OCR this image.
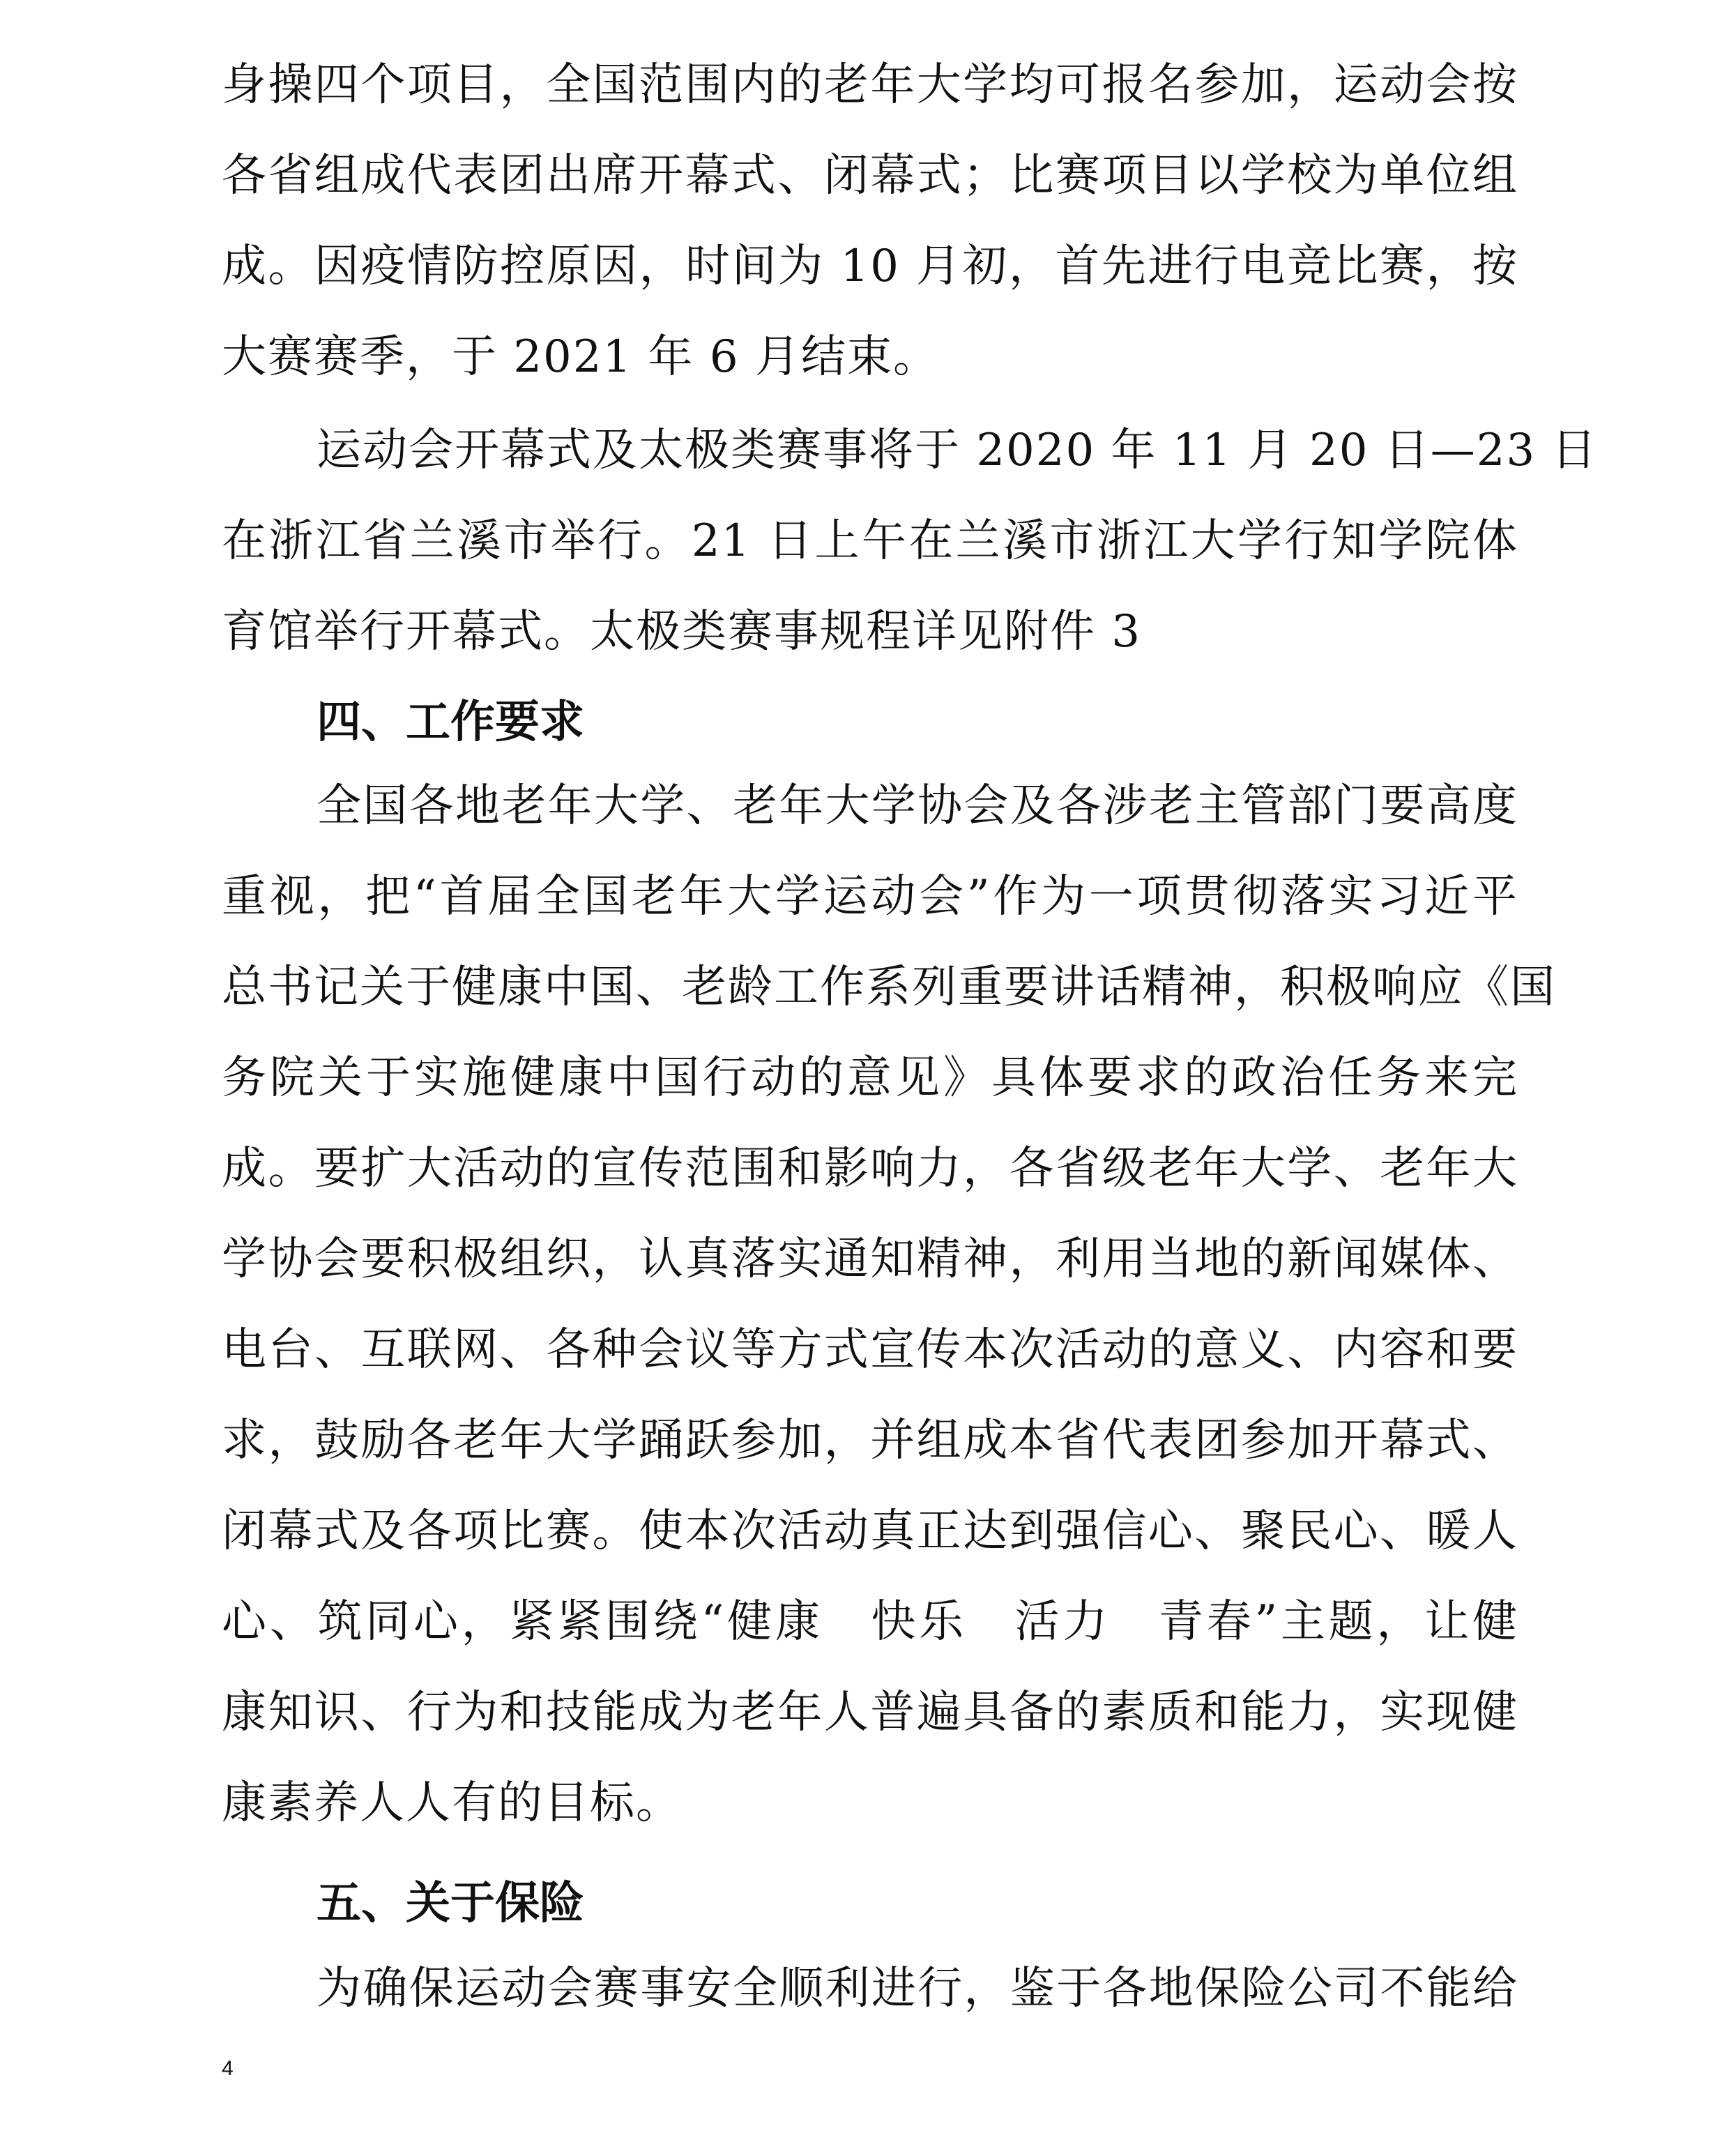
身操四个项目，全国范围内的老年大学均可报名参加，运动会按
各省组成代表团出席开幕式、闭幕式；比赛项目以学校为单位组
成。因疫情防控原因，时间为 10 月初，首先进行电竞比赛，按
大赛赛季，于 2021 年 6 月结束。
运动会开幕式及太极类赛事将于 2020 年 11 月 20 日—23 日
在浙江省兰溪市举行。21 日上午在兰溪市浙江大学行知学院体
育馆举行开幕式。太极类赛事规程详见附件 3
四、工作要求
全国各地老年大学、老年大学协会及各涉老主管部门要高度
重视，把“首届全国老年大学运动会”作为一项贯彻落实习近平
总书记关于健康中国、老龄工作系列重要讲话精神，积极响应《国
务院关于实施健康中国行动的意见》具体要求的政治任务来完
成。要扩大活动的宣传范围和影响力，各省级老年大学、老年大
学协会要积极组织，认真落实通知精神，利用当地的新闻媒体、
电台、互联网、各种会议等方式宣传本次活动的意义、内容和要
求，鼓励各老年大学踊跃参加，并组成本省代表团参加开幕式、
闭幕式及各项比赛。使本次活动真正达到强信心、聚民心、暖人
心、筑同心，紧紧围绕“健康　快乐　活力　青春”主题，让健
康知识、行为和技能成为老年人普遍具备的素质和能力，实现健
康素养人人有的目标。
五、关于保险
为确保运动会赛事安全顺利进行，鉴于各地保险公司不能给
4
